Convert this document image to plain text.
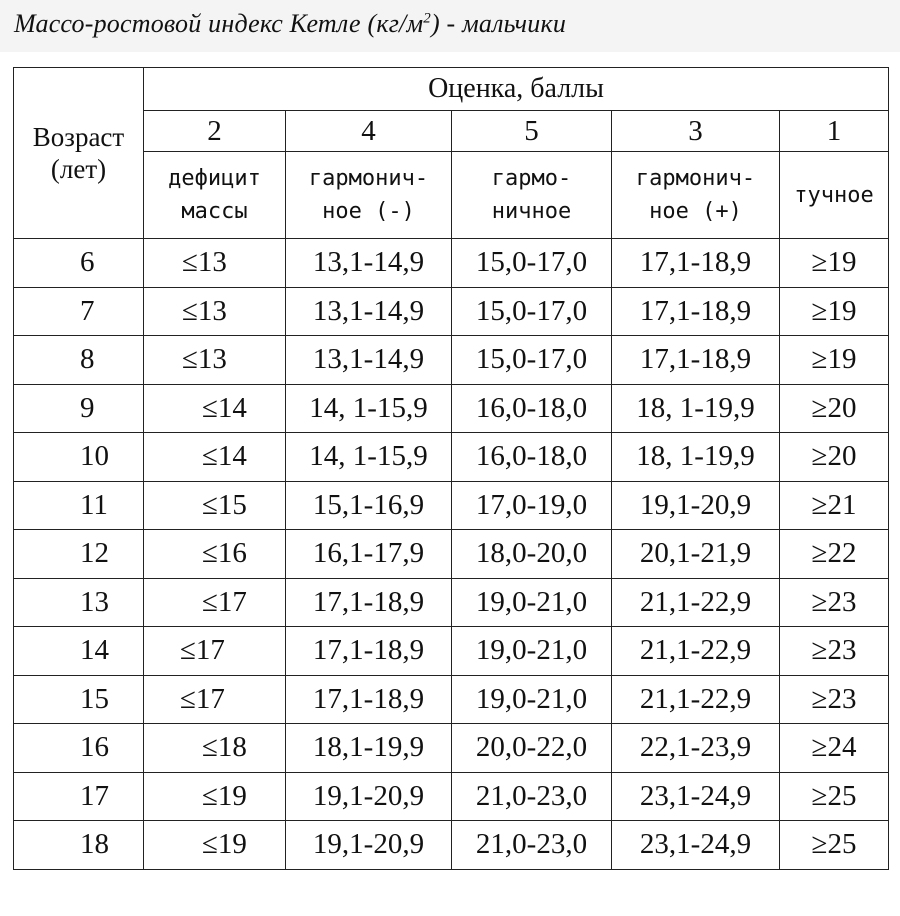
Массо-ростовой индекс Кетле $(кг/м^2)$ - мальчики
Возраст (лет)	Оценка, баллы				
	2	4	5	3	1
	дефицит массы	гармонич-ное (-)	гармо-ничное	гармонич-ное (+)	тучное
6	≤13	13,1-14,9	15,0-17,0	17,1-18,9	≥19
7	≤13	13,1-14,9	15,0-17,0	17,1-18,9	≥19
8	≤13	13,1-14,9	15,0-17,0	17,1-18,9	≥19
9	≤14	14, 1-15,9	16,0-18,0	18, 1-19,9	≥20
10	≤14	14, 1-15,9	16,0-18,0	18, 1-19,9	≥20
11	≤15	15,1-16,9	17,0-19,0	19,1-20,9	≥21
12	≤16	16,1-17,9	18,0-20,0	20,1-21,9	≥22
13	≤17	17,1-18,9	19,0-21,0	21,1-22,9	≥23
14	≤17	17,1-18,9	19,0-21,0	21,1-22,9	≥23
15	≤17	17,1-18,9	19,0-21,0	21,1-22,9	≥23
16	≤18	18,1-19,9	20,0-22,0	22,1-23,9	≥24
17	≤19	19,1-20,9	21,0-23,0	23,1-24,9	≥25
18	≤19	19,1-20,9	21,0-23,0	23,1-24,9	≥25
